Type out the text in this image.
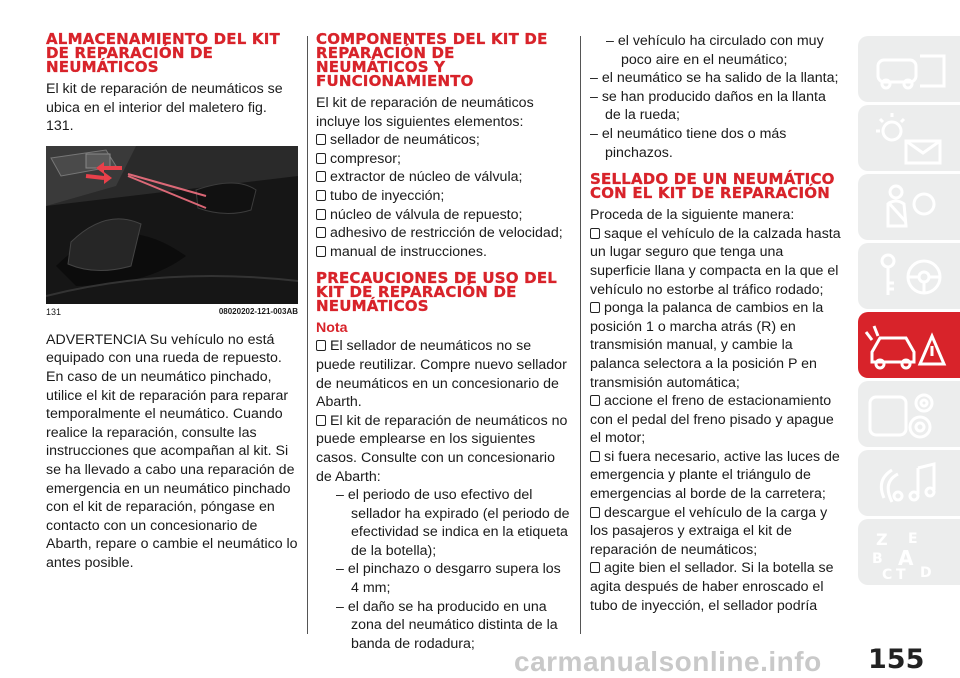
ALMACENAMIENTO DEL KIT DE REPARACIÓN DE NEUMÁTICOS

El kit de reparación de neumáticos se ubica en el interior del maletero fig. 131.

131	08020202-121-003AB

ADVERTENCIA Su vehículo no está equipado con una rueda de repuesto. En caso de un neumático pinchado, utilice el kit de reparación para reparar temporalmente el neumático. Cuando realice la reparación, consulte las instrucciones que acompañan al kit. Si se ha llevado a cabo una reparación de emergencia en un neumático pinchado con el kit de reparación, póngase en contacto con un concesionario de Abarth, repare o cambie el neumático lo antes posible.

COMPONENTES DEL KIT DE REPARACIÓN DE NEUMÁTICOS Y FUNCIONAMIENTO

El kit de reparación de neumáticos incluye los siguientes elementos:

sellador de neumáticos;
compresor;
extractor de núcleo de válvula;
tubo de inyección;
núcleo de válvula de repuesto;
adhesivo de restricción de velocidad;
manual de instrucciones.
PRECAUCIONES DE USO DEL KIT DE REPARACIÓN DE NEUMÁTICOS
Nota

El sellador de neumáticos no se puede reutilizar. Compre nuevo sellador de neumáticos en un concesionario de Abarth.

El kit de reparación de neumáticos no puede emplearse en los siguientes casos. Consulte con un concesionario de Abarth:

– el periodo de uso efectivo del sellador ha expirado (el periodo de efectividad se indica en la etiqueta de la botella);
– el pinchazo o desgarro supera los 4 mm;
– el daño se ha producido en una zona del neumático distinta de la banda de rodadura;
– el vehículo ha circulado con muy poco aire en el neumático;
– el neumático se ha salido de la llanta;
– se han producido daños en la llanta de la rueda;
– el neumático tiene dos o más pinchazos.
SELLADO DE UN NEUMÁTICO CON EL KIT DE REPARACIÓN

Proceda de la siguiente manera:

saque el vehículo de la calzada hasta un lugar seguro que tenga una superficie llana y compacta en la que el vehículo no estorbe al tráfico rodado;

ponga la palanca de cambios en la posición 1 o marcha atrás (R) en transmisión manual, y cambie la palanca selectora a la posición P en transmisión automática;

accione el freno de estacionamiento con el pedal del freno pisado y apague el motor;

si fuera necesario, active las luces de emergencia y plante el triángulo de emergencias al borde de la carretera;

descargue el vehículo de la carga y los pasajeros y extraiga el kit de reparación de neumáticos;

agite bien el sellador. Si la botella se agita después de haber enroscado el tubo de inyección, el sellador podría

Z E
B A
C T D
155
carmanualsonline.info
